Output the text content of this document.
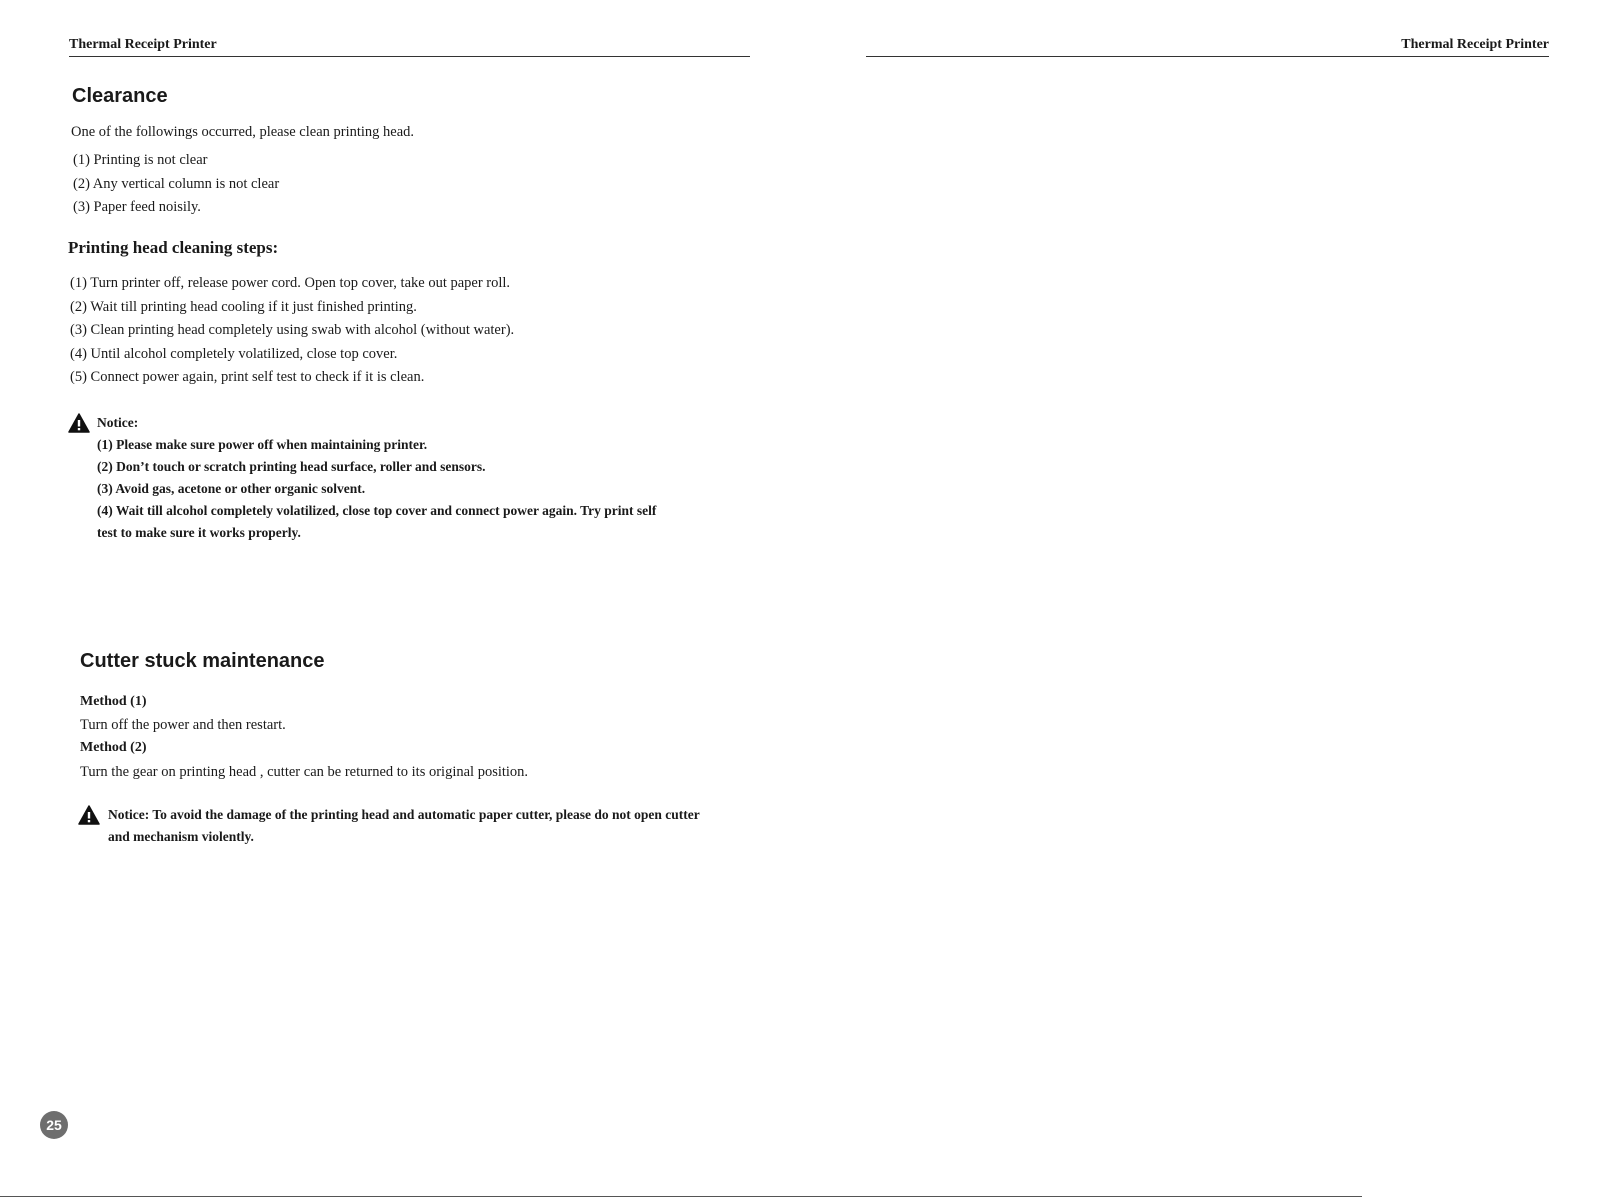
Thermal Receipt Printer	Thermal Receipt Printer
Clearance
One of the followings occurred, please clean printing head.
(1) Printing is not clear
(2) Any vertical column is not clear
(3) Paper feed noisily.
Printing head cleaning steps:
(1) Turn printer off, release power cord. Open top cover, take out paper roll.
(2) Wait till printing head cooling if it just finished printing.
(3) Clean printing head completely using swab with alcohol (without water).
(4) Until alcohol completely volatilized, close top cover.
(5) Connect power again, print self test to check if it is clean.
Notice:
(1) Please make sure power off when maintaining printer.
(2) Don’t touch or scratch printing head surface, roller and sensors.
(3) Avoid gas, acetone or other organic solvent.
(4) Wait till alcohol completely volatilized, close top cover and connect power again. Try print self
test to make sure it works properly.
Cutter stuck maintenance
Method (1)
Turn off the power and then restart.
Method (2)
Turn the gear on printing head , cutter can be returned to its original position.
Notice: To avoid the damage of the printing head and automatic paper cutter, please do not open cutter
and mechanism violently.
25
